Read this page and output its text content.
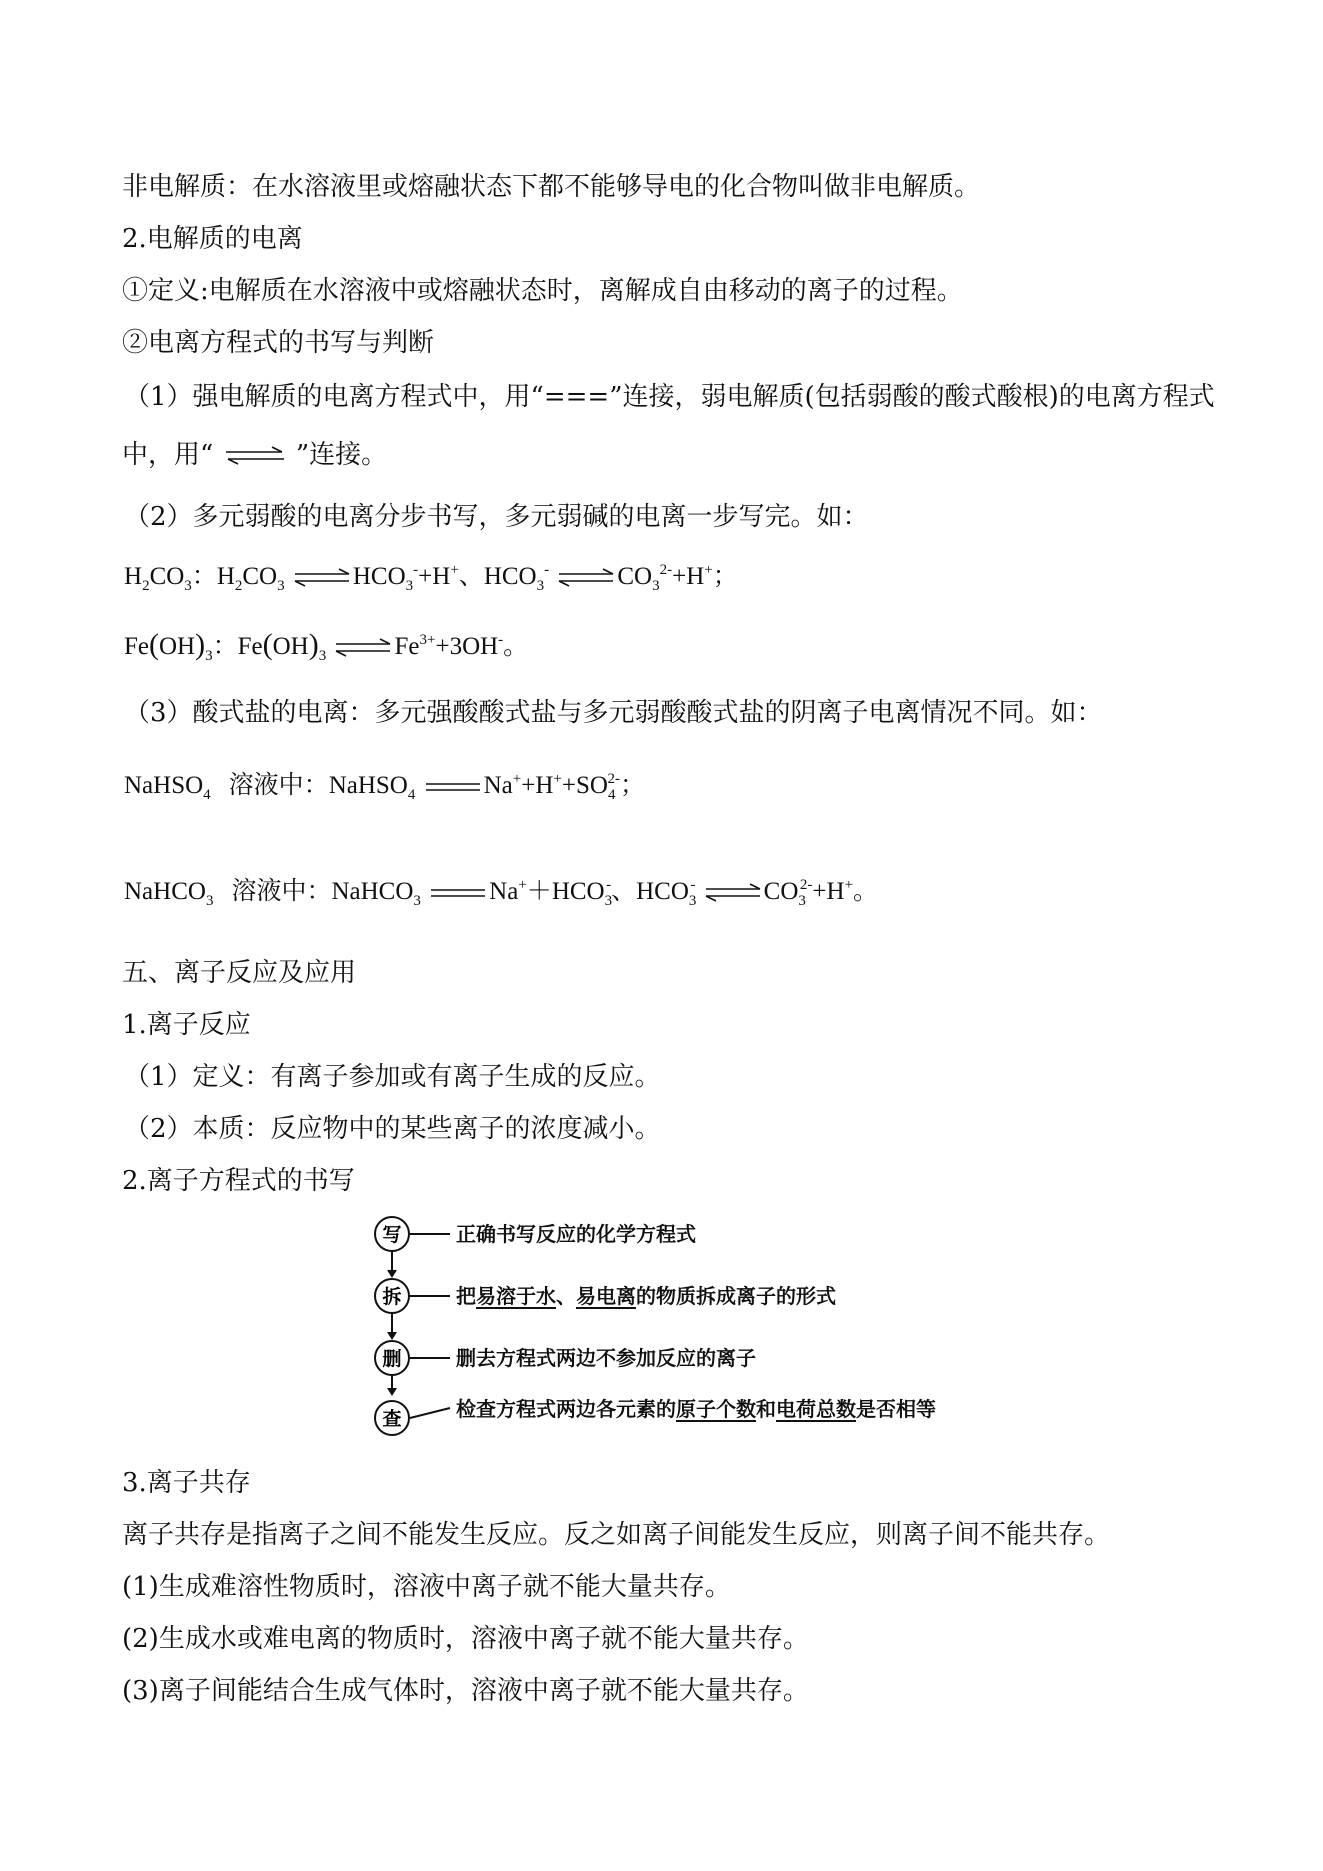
非电解质：在水溶液里或熔融状态下都不能够导电的化合物叫做非电解质。
2.电解质的电离
①定义:电解质在水溶液中或熔融状态时，离解成自由移动的离子的过程。
②电离方程式的书写与判断
（1）强电解质的电离方程式中，用“===”连接，弱电解质(包括弱酸的酸式酸根)的电离方程式
中，用“ ⇌ ”连接。
（2）多元弱酸的电离分步书写，多元弱碱的电离一步写完。如：
$H_2CO_3$：$H_2CO_3$ ⇌ $HCO_3^-+H^+$、$HCO_3^-$ ⇌ $CO_3^{2-}+H^+$；
$Fe(OH)_3$：$Fe(OH)_3$ ⇌ $Fe^{3+}+3OH^-$。
（3）酸式盐的电离：多元强酸酸式盐与多元弱酸酸式盐的阴离子电离情况不同。如：
NaHSO$_4$ 溶液中：NaHSO$_4$	$Na^++H^++SO_4^{2-}$；
NaHCO$_3$ 溶液中：NaHCO$_3$	$Na^++HCO_3^-$、$HCO_3^-$ ⇌ $CO_3^{2-}+H^+$。
五、离子反应及应用
1.离子反应
（1）定义：有离子参加或有离子生成的反应。
（2）本质：反应物中的某些离子的浓度减小。
2.离子方程式的书写
写
拆
删
查
正确书写反应的化学方程式
把易溶于水、易电离的物质拆成离子的形式
删去方程式两边不参加反应的离子
检查方程式两边各元素的原子个数和电荷总数是否相等
3.离子共存
离子共存是指离子之间不能发生反应。反之如离子间能发生反应，则离子间不能共存。
(1)生成难溶性物质时，溶液中离子就不能大量共存。
(2)生成水或难电离的物质时，溶液中离子就不能大量共存。
(3)离子间能结合生成气体时，溶液中离子就不能大量共存。
